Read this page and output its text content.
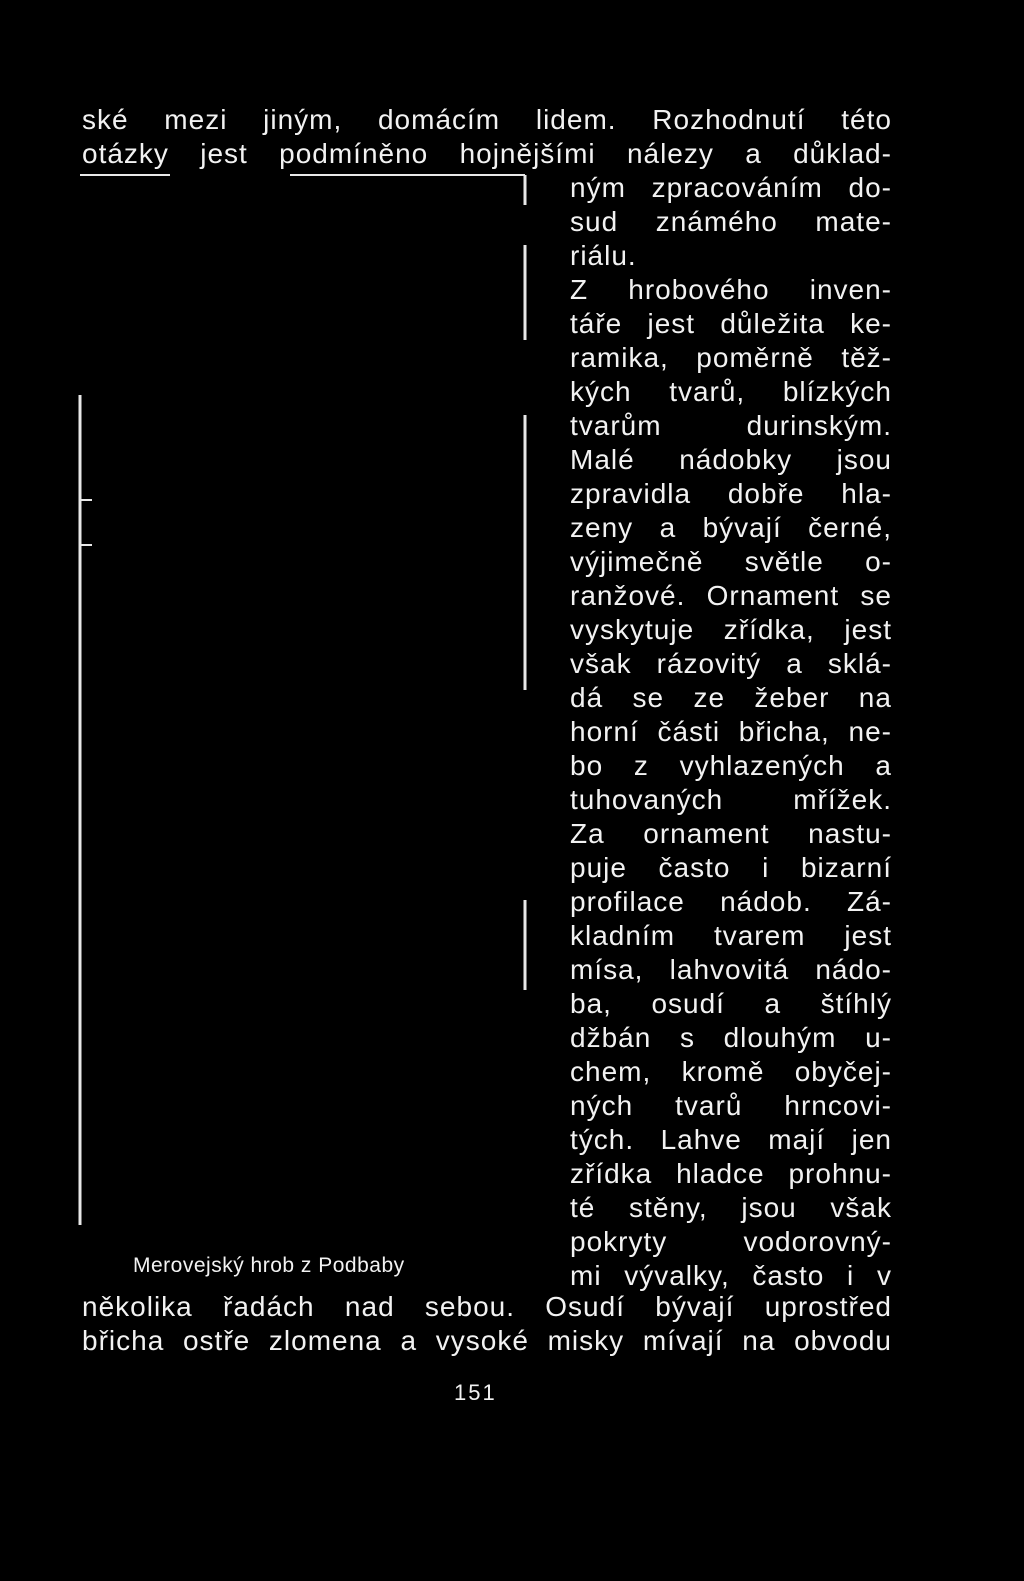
ské mezi jiným, domácím lidem. Rozhodnutí této
otázky jest podmíněno hojnějšími nálezy a důklad-
ným zpracováním do-
sud známého mate-
riálu.
Z hrobového inven-
táře jest důležita ke-
ramika, poměrně těž-
kých tvarů, blízkých
tvarům	durinským.
Malé nádobky jsou
zpravidla dobře hla-
zeny a bývají černé,
výjimečně světle o-
ranžové. Ornament se
vyskytuje zřídka, jest
však rázovitý a sklá-
dá se ze žeber na
horní části břicha, ne-
bo z vyhlazených a
tuhovaných	mřížek.
Za ornament nastu-
puje často i bizarní
profilace nádob. Zá-
kladním tvarem jest
mísa, lahvovitá nádo-
ba, osudí a štíhlý
džbán s dlouhým u-
chem, kromě obyčej-
ných tvarů hrncovi-
tých. Lahve mají jen
zřídka hladce prohnu-
té stěny, jsou však
pokryty	vodorovný-
mi vývalky, často i v
Merovejský hrob z Podbaby
několika řadách nad sebou. Osudí bývají uprostřed
břicha ostře zlomena a vysoké misky mívají na obvodu
151
